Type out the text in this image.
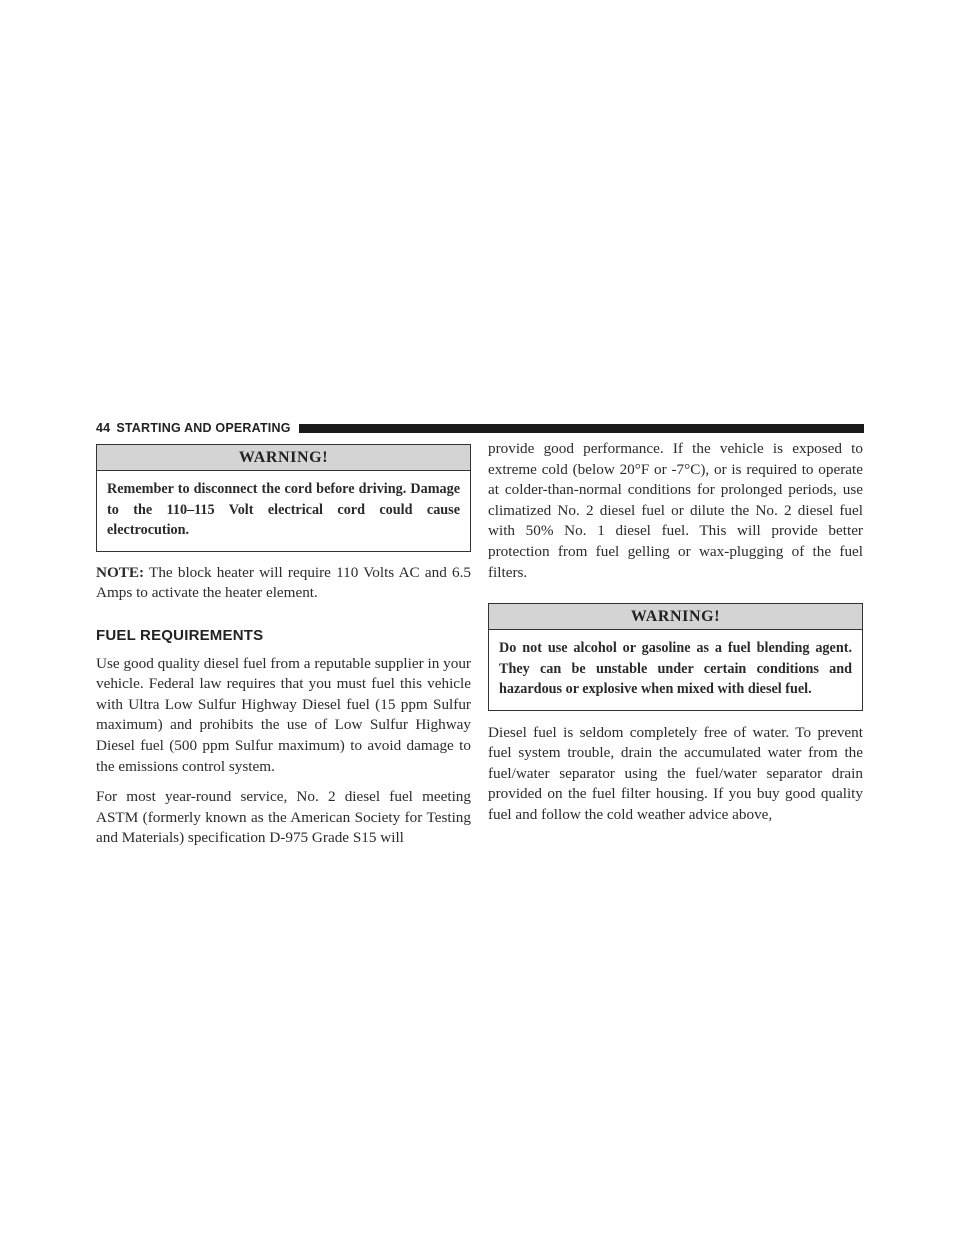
44 STARTING AND OPERATING
WARNING!
Remember to disconnect the cord before driving. Damage to the 110–115 Volt electrical cord could cause electrocution.

NOTE: The block heater will require 110 Volts AC and 6.5 Amps to activate the heater element.

FUEL REQUIREMENTS

Use good quality diesel fuel from a reputable supplier in your vehicle. Federal law requires that you must fuel this vehicle with Ultra Low Sulfur Highway Diesel fuel (15 ppm Sulfur maximum) and prohibits the use of Low Sulfur Highway Diesel fuel (500 ppm Sulfur maximum) to avoid damage to the emissions control system.

For most year-round service, No. 2 diesel fuel meeting ASTM (formerly known as the American Society for Testing and Materials) specification D-975 Grade S15 will

provide good performance. If the vehicle is exposed to extreme cold (below 20°F or -7°C), or is required to operate at colder-than-normal conditions for prolonged periods, use climatized No. 2 diesel fuel or dilute the No. 2 diesel fuel with 50% No. 1 diesel fuel. This will provide better protection from fuel gelling or wax-plugging of the fuel filters.

WARNING!
Do not use alcohol or gasoline as a fuel blending agent. They can be unstable under certain conditions and hazardous or explosive when mixed with diesel fuel.

Diesel fuel is seldom completely free of water. To prevent fuel system trouble, drain the accumulated water from the fuel/water separator using the fuel/water separator drain provided on the fuel filter housing. If you buy good quality fuel and follow the cold weather advice above,
